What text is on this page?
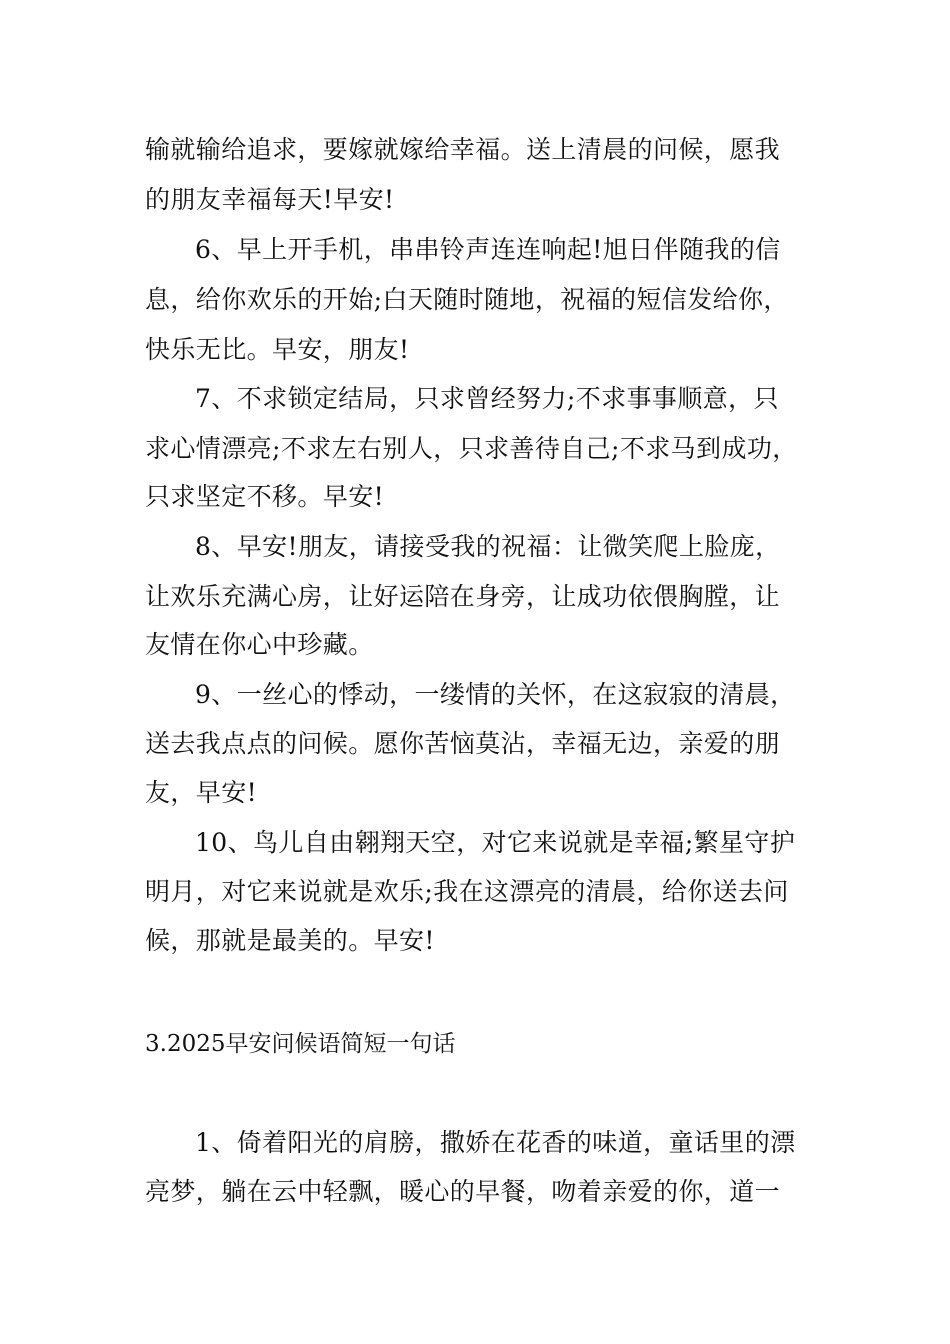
输就输给追求，要嫁就嫁给幸福。送上清晨的问候，愿我
的朋友幸福每天!早安!
6、早上开手机，串串铃声连连响起!旭日伴随我的信
息，给你欢乐的开始;白天随时随地，祝福的短信发给你，
快乐无比。早安，朋友!
7、不求锁定结局，只求曾经努力;不求事事顺意，只
求心情漂亮;不求左右别人，只求善待自己;不求马到成功，
只求坚定不移。早安!
8、早安!朋友，请接受我的祝福：让微笑爬上脸庞，
让欢乐充满心房，让好运陪在身旁，让成功依偎胸膛，让
友情在你心中珍藏。
9、一丝心的悸动，一缕情的关怀，在这寂寂的清晨，
送去我点点的问候。愿你苦恼莫沾，幸福无边，亲爱的朋
友，早安!
10、鸟儿自由翱翔天空，对它来说就是幸福;繁星守护
明月，对它来说就是欢乐;我在这漂亮的清晨，给你送去问
候，那就是最美的。早安!
3.2025早安问候语简短一句话
1、倚着阳光的肩膀，撒娇在花香的味道，童话里的漂
亮梦，躺在云中轻飘，暖心的早餐，吻着亲爱的你，道一
